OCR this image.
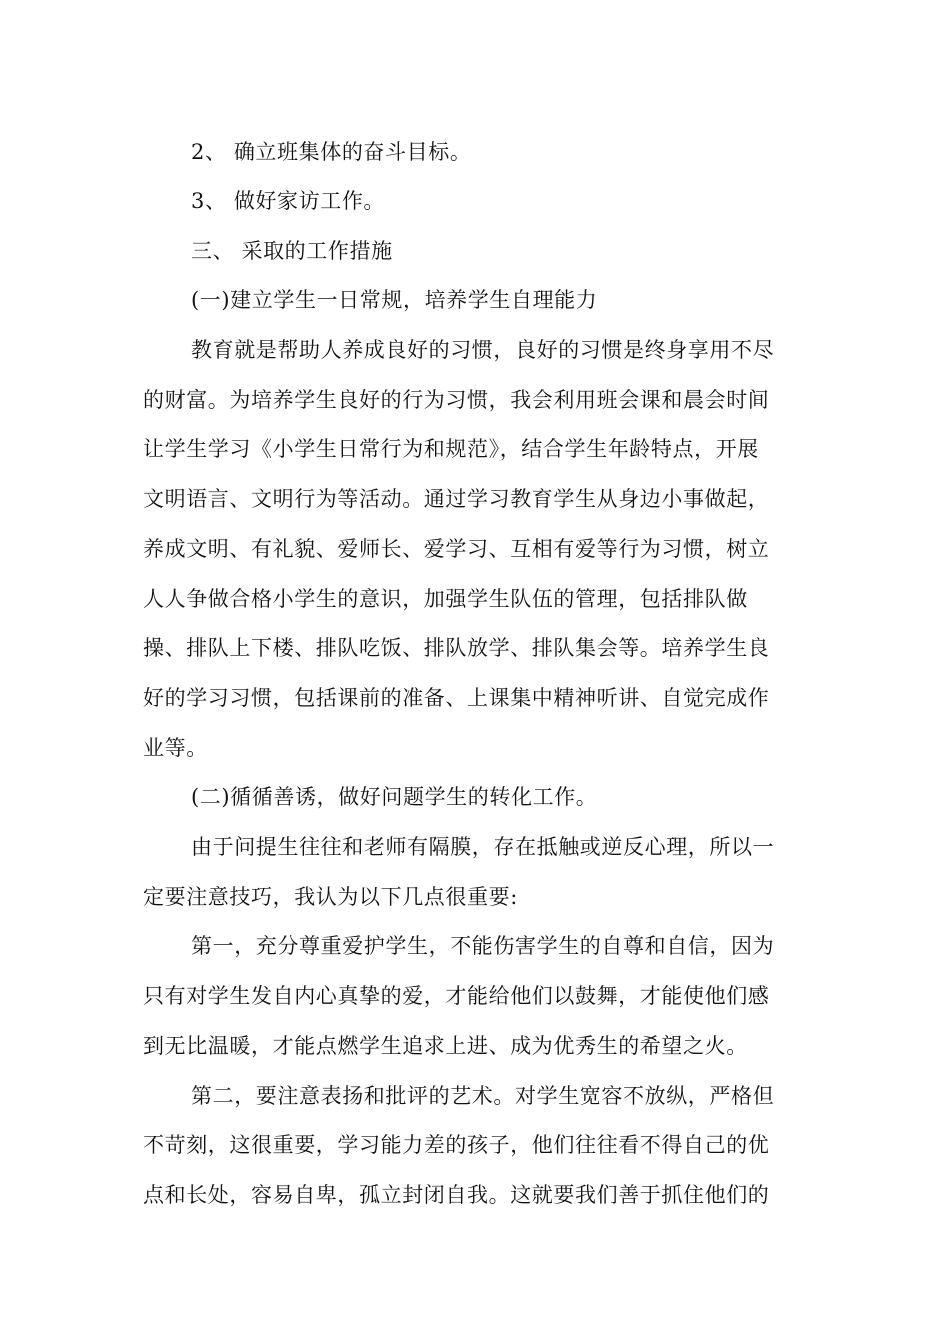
2、 确立班集体的奋斗目标。

3、 做好家访工作。

三、 采取的工作措施

(一)建立学生一日常规，培养学生自理能力

教育就是帮助人养成良好的习惯，良好的习惯是终身享用不尽

的财富。为培养学生良好的行为习惯，我会利用班会课和晨会时间

让学生学习《小学生日常行为和规范》，结合学生年龄特点，开展

文明语言、文明行为等活动。通过学习教育学生从身边小事做起，

养成文明、有礼貌、爱师长、爱学习、互相有爱等行为习惯，树立

人人争做合格小学生的意识，加强学生队伍的管理，包括排队做

操、排队上下楼、排队吃饭、排队放学、排队集会等。培养学生良

好的学习习惯，包括课前的准备、上课集中精神听讲、自觉完成作

业等。

(二)循循善诱，做好问题学生的转化工作。

由于问提生往往和老师有隔膜，存在抵触或逆反心理，所以一

定要注意技巧，我认为以下几点很重要:

第一，充分尊重爱护学生，不能伤害学生的自尊和自信，因为

只有对学生发自内心真挚的爱，才能给他们以鼓舞，才能使他们感

到无比温暖，才能点燃学生追求上进、成为优秀生的希望之火。

第二，要注意表扬和批评的艺术。对学生宽容不放纵，严格但

不苛刻，这很重要，学习能力差的孩子，他们往往看不得自己的优

点和长处，容易自卑，孤立封闭自我。这就要我们善于抓住他们的
